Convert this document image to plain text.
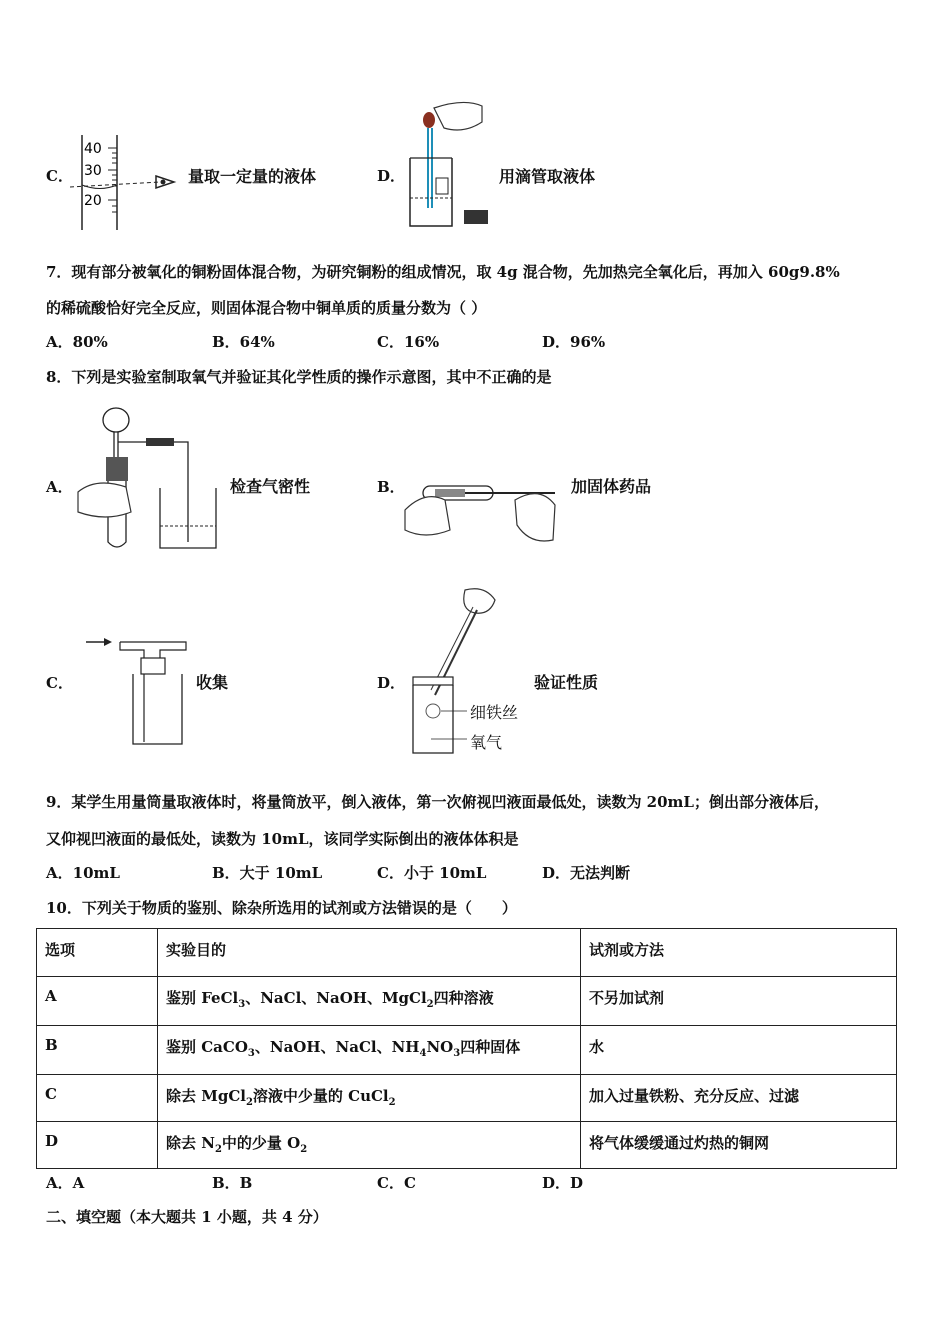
C．
40
30
20
量取一定量的液体	D．	用滴管取液体
7．现有部分被氧化的铜粉固体混合物，为研究铜粉的组成情况，取 4g 混合物，先加热完全氧化后，再加入 60g9.8%
的稀硫酸恰好完全反应，则固体混合物中铜单质的质量分数为（ ）
A．80%	B．64%	C．16%	D．96%
8．下列是实验室制取氧气并验证其化学性质的操作示意图，其中不正确的是
A．	检查气密性	B．	加固体药品
C．	收集	D．
细铁丝
氧气
验证性质
9．某学生用量筒量取液体时，将量筒放平，倒入液体，第一次俯视凹液面最低处，读数为 20mL；倒出部分液体后，
又仰视凹液面的最低处，读数为 10mL，该同学实际倒出的液体体积是
A．10mL	B．大于 10mL	C．小于 10mL	D．无法判断
10．下列关于物质的鉴别、除杂所选用的试剂或方法错误的是（　　）
选项	实验目的	试剂或方法
A	鉴别 FeCl$_3$、NaCl、NaOH、MgCl$_2$四种溶液	不另加试剂
B	鉴别 CaCO$_3$、NaOH、NaCl、$NH_4NO_3$四种固体	水
C	除去 MgCl$_2$溶液中少量的 CuCl$_2$	加入过量铁粉、充分反应、过滤
D	除去 $N_2$中的少量 $O_2$	将气体缓缓通过灼热的铜网
A．A	B．B	C．C	D．D
二、填空题（本大题共 1 小题，共 4 分）
